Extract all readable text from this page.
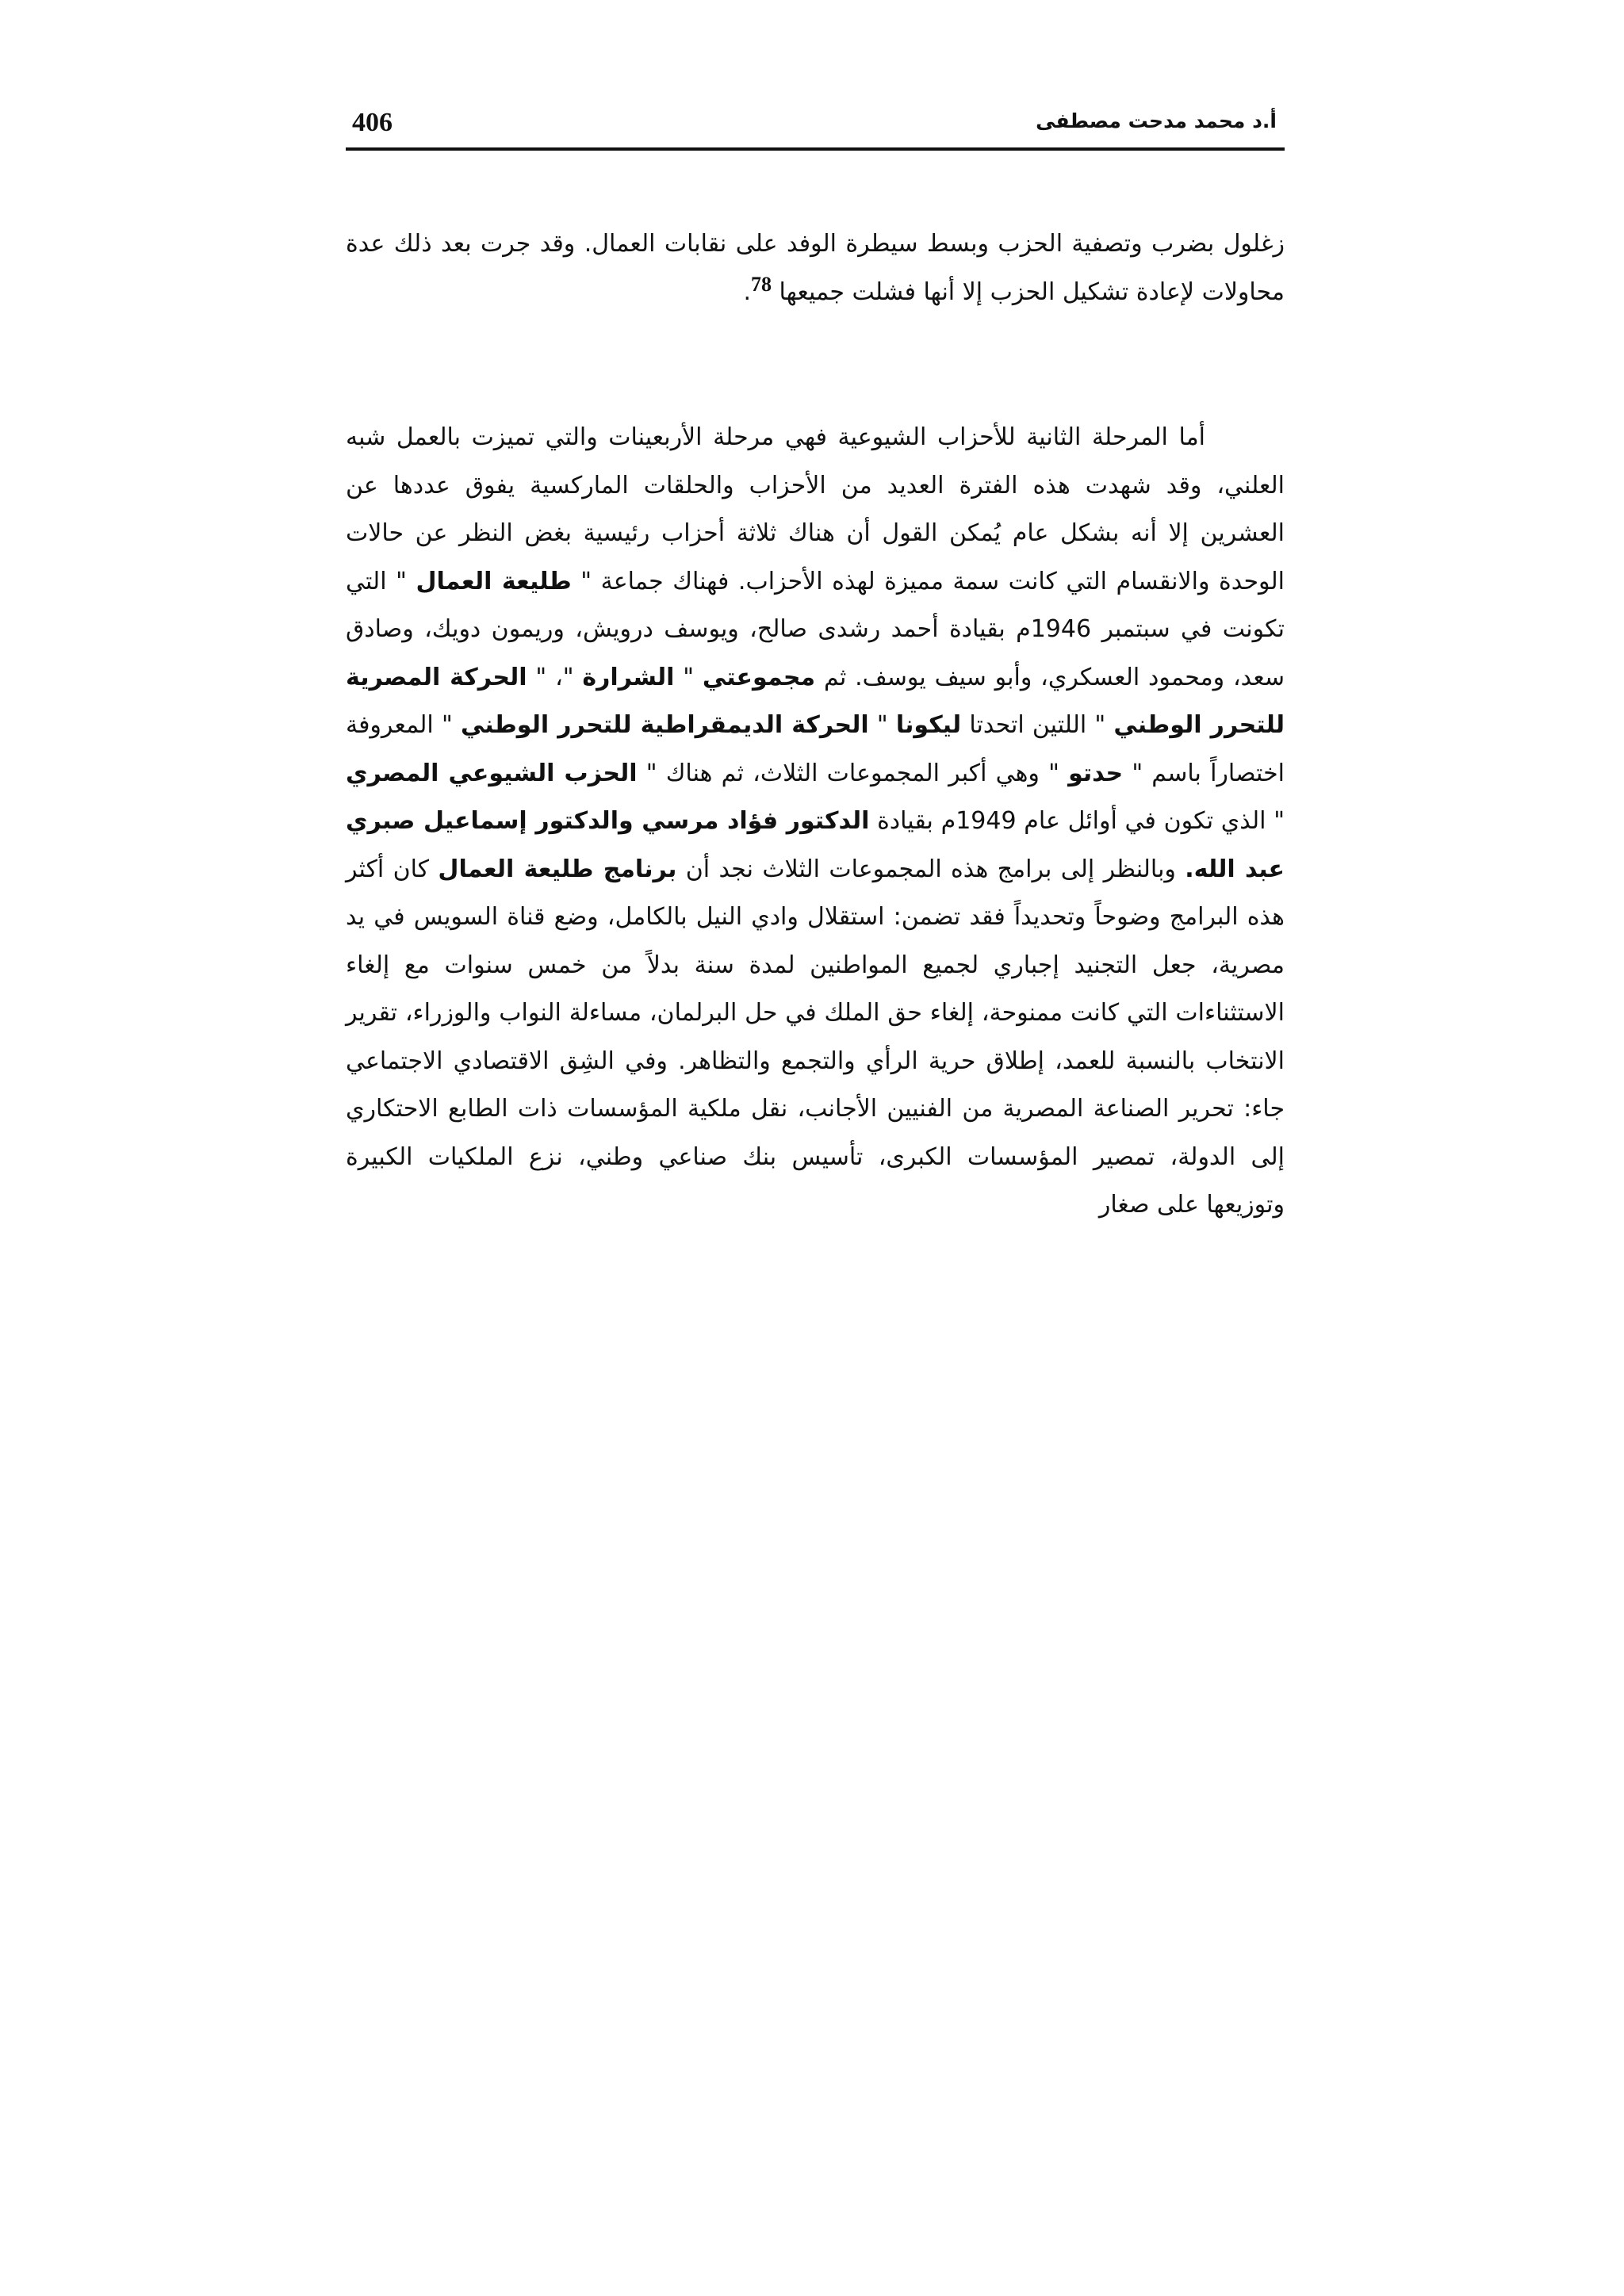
406	أ.د محمد مدحت مصطفى

زغلول بضرب وتصفية الحزب وبسط سيطرة الوفد على نقابات العمال. وقد جرت بعد ذلك عدة محاولات لإعادة تشكيل الحزب إلا أنها فشلت جميعها 78.

أما المرحلة الثانية للأحزاب الشيوعية فهي مرحلة الأربعينات والتي تميزت بالعمل شبه العلني، وقد شهدت هذه الفترة العديد من الأحزاب والحلقات الماركسية يفوق عددها عن العشرين إلا أنه بشكل عام يُمكن القول أن هناك ثلاثة أحزاب رئيسية بغض النظر عن حالات الوحدة والانقسام التي كانت سمة مميزة لهذه الأحزاب. فهناك جماعة " طليعة العمال " التي تكونت في سبتمبر 1946م بقيادة أحمد رشدى صالح، ويوسف درويش، وريمون دويك، وصادق سعد، ومحمود العسكري، وأبو سيف يوسف. ثم مجموعتي " الشرارة "، " الحركة المصرية للتحرر الوطني " اللتين اتحدتا ليكونا " الحركة الديمقراطية للتحرر الوطني " المعروفة اختصاراً باسم " حدتو " وهي أكبر المجموعات الثلاث، ثم هناك " الحزب الشيوعي المصري " الذي تكون في أوائل عام 1949م بقيادة الدكتور فؤاد مرسي والدكتور إسماعيل صبري عبد الله. وبالنظر إلى برامج هذه المجموعات الثلاث نجد أن برنامج طليعة العمال كان أكثر هذه البرامج وضوحاً وتحديداً فقد تضمن: استقلال وادي النيل بالكامل، وضع قناة السويس في يد مصرية، جعل التجنيد إجباري لجميع المواطنين لمدة سنة بدلاً من خمس سنوات مع إلغاء الاستثناءات التي كانت ممنوحة، إلغاء حق الملك في حل البرلمان، مساءلة النواب والوزراء، تقرير الانتخاب بالنسبة للعمد، إطلاق حرية الرأي والتجمع والتظاهر. وفي الشِق الاقتصادي الاجتماعي جاء: تحرير الصناعة المصرية من الفنيين الأجانب، نقل ملكية المؤسسات ذات الطابع الاحتكاري إلى الدولة، تمصير المؤسسات الكبرى، تأسيس بنك صناعي وطني، نزع الملكيات الكبيرة وتوزيعها على صغار
